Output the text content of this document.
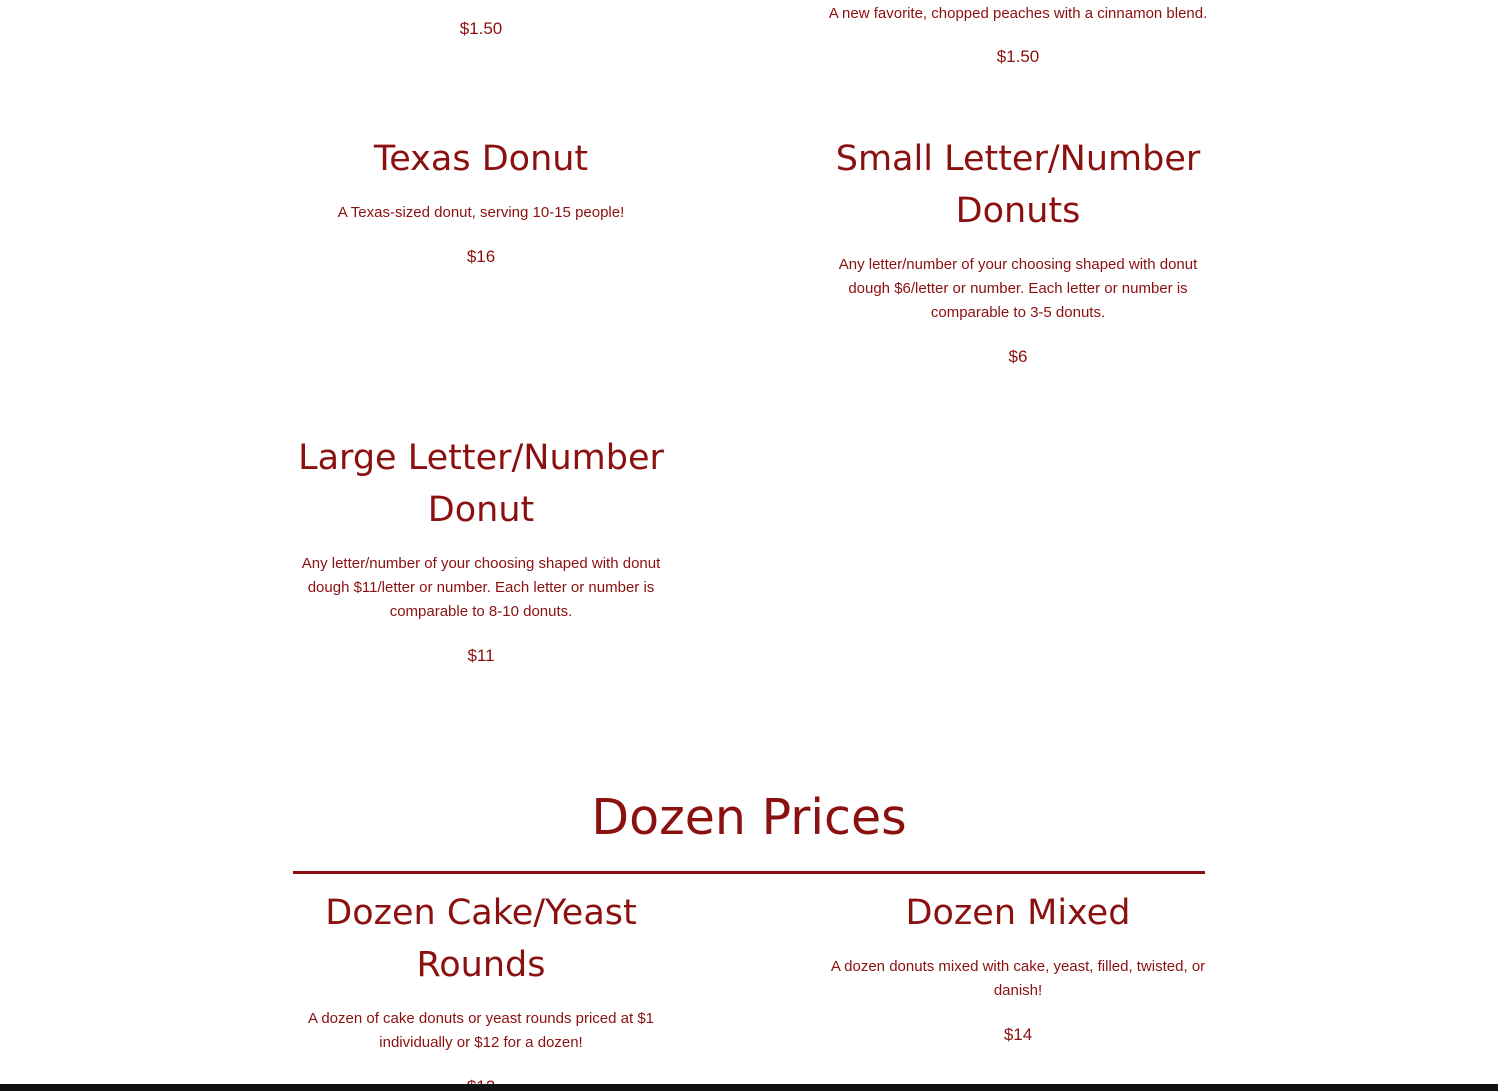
$1.50

A new favorite, chopped peaches with a cinnamon blend.

$1.50

Texas Donut

A Texas-sized donut, serving 10-15 people!

$16

Small Letter/Number
Donuts

Any letter/number of your choosing shaped with donut
dough $6/letter or number. Each letter or number is
comparable to 3-5 donuts.

$6

Large Letter/Number
Donut

Any letter/number of your choosing shaped with donut
dough $11/letter or number. Each letter or number is
comparable to 8-10 donuts.

$11

Dozen Prices
Dozen Cake/Yeast
Rounds

A dozen of cake donuts or yeast rounds priced at $1
individually or $12 for a dozen!

Dozen Mixed

A dozen donuts mixed with cake, yeast, filled, twisted, or
danish!

$14
